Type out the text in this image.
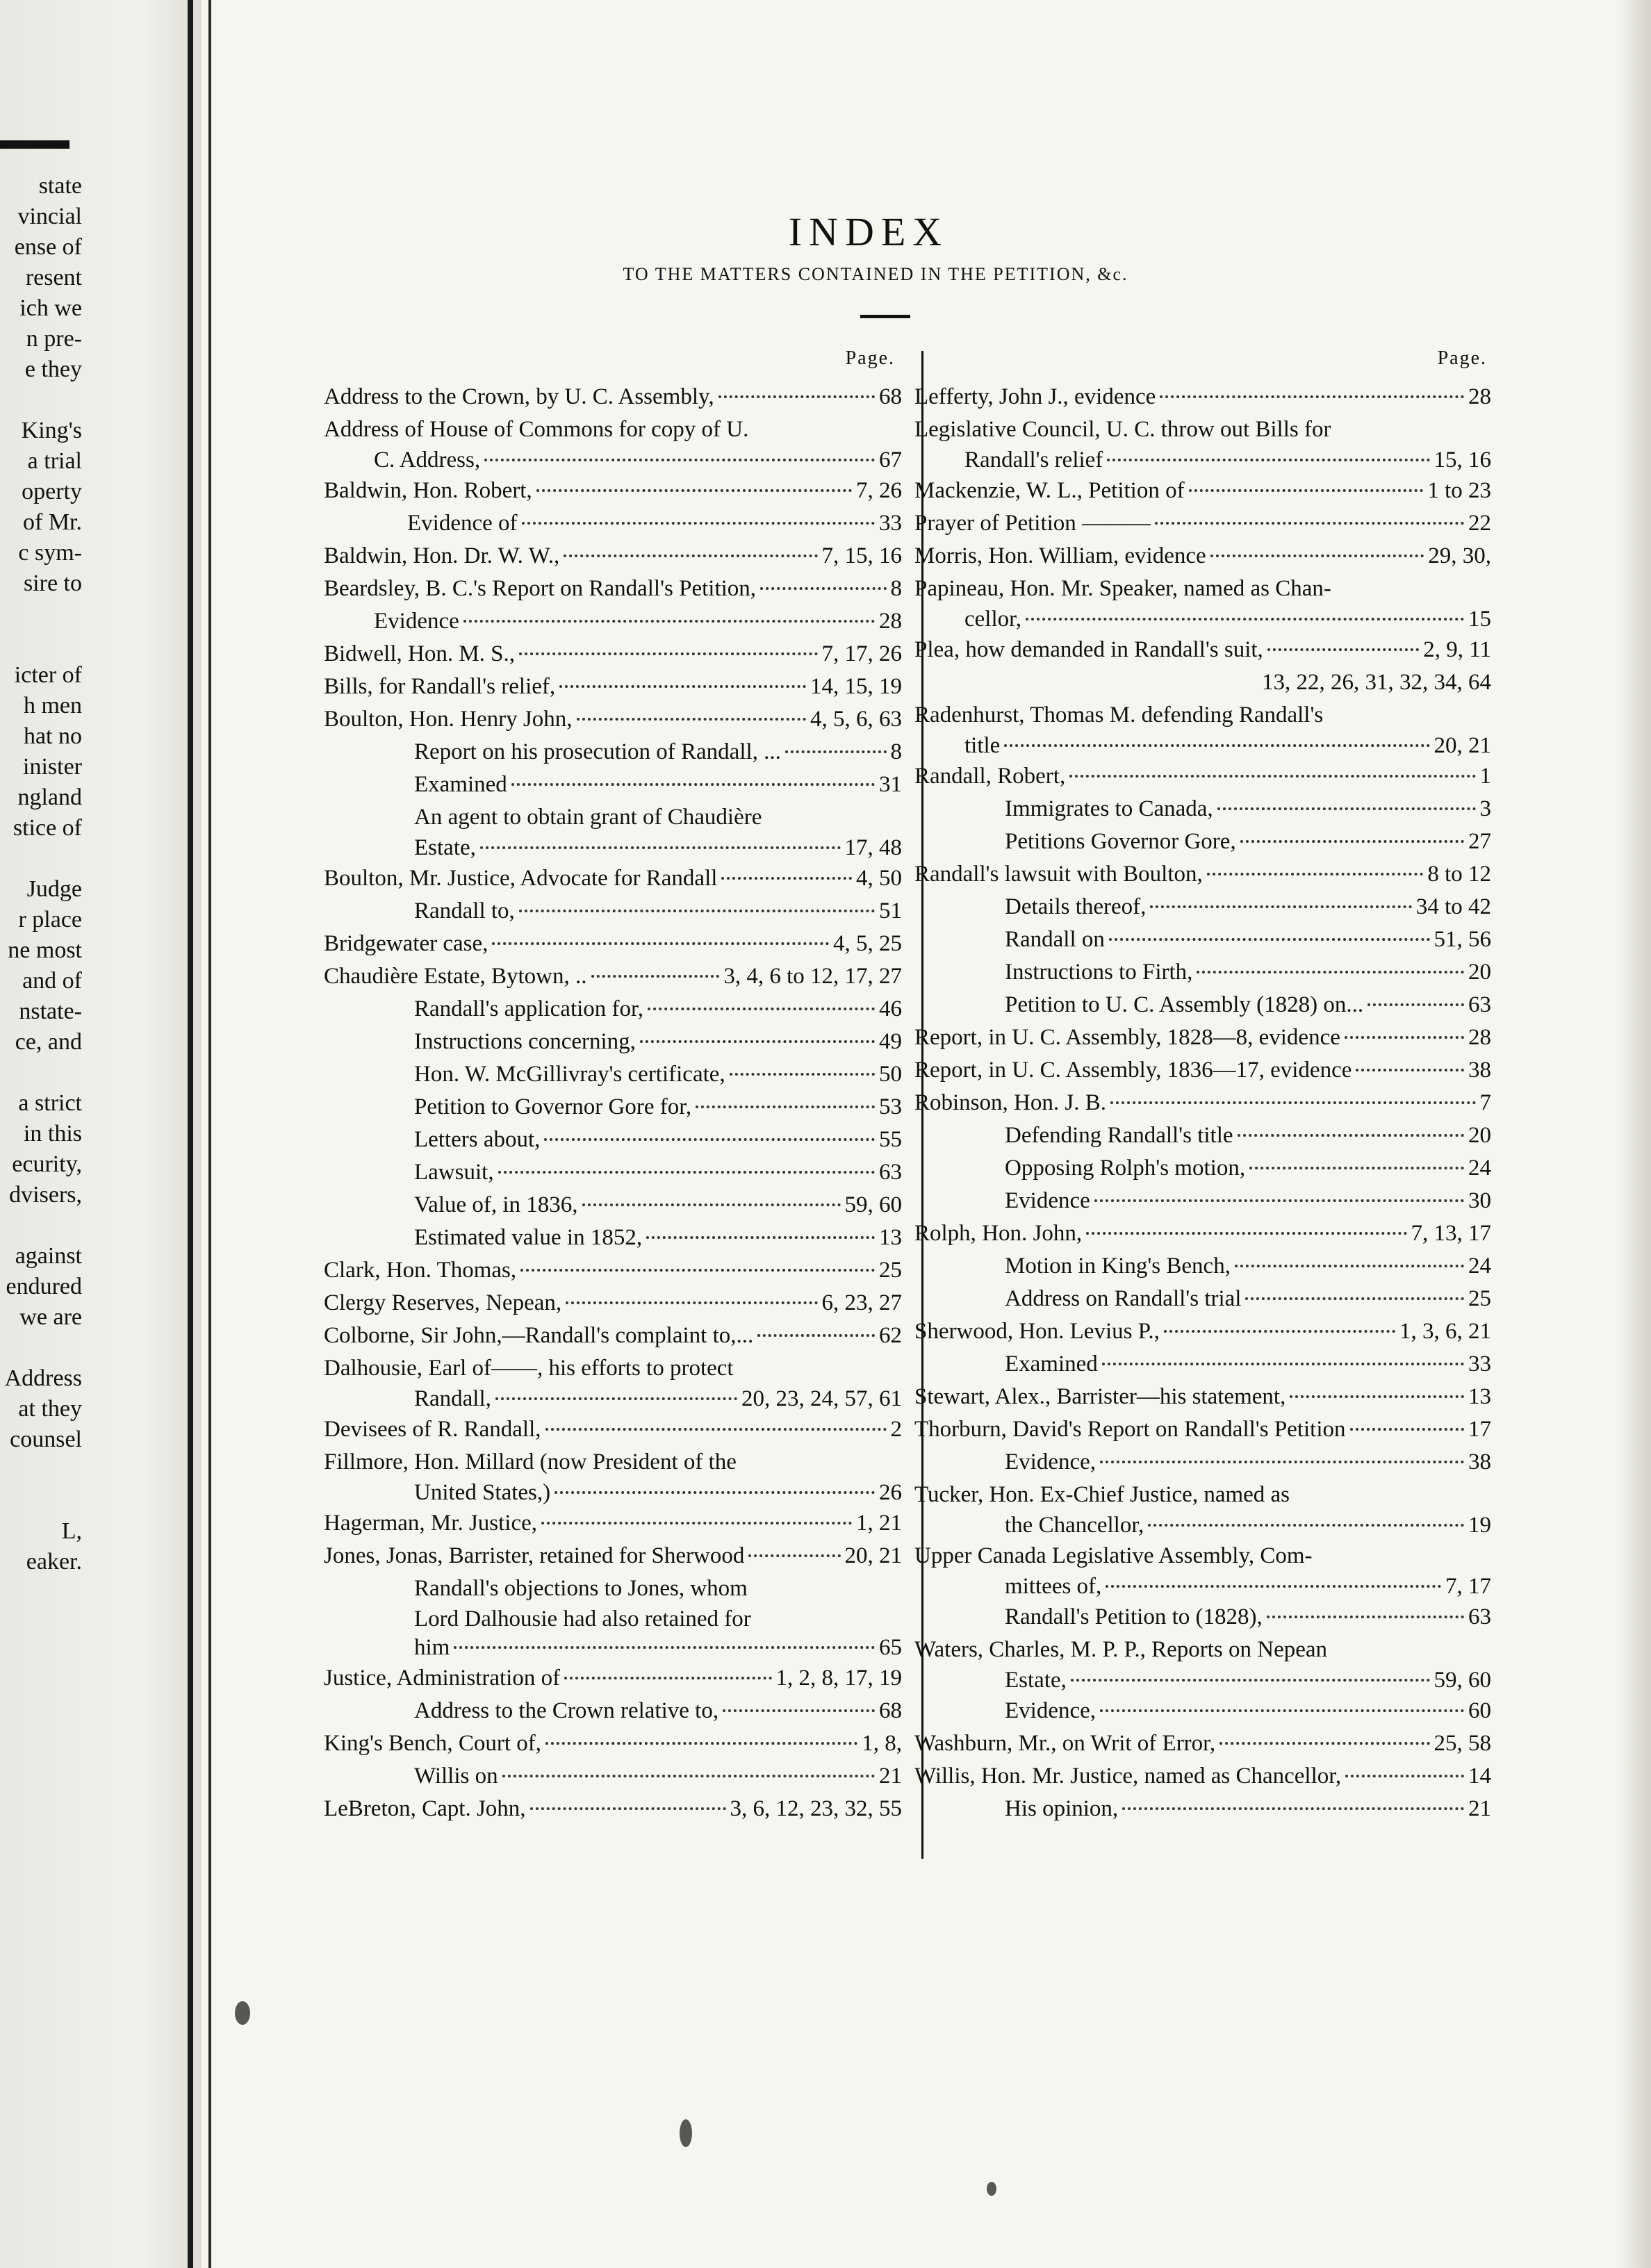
state
vincial
ense of
resent
ich we
n pre-
e they
King's
a trial
operty
of Mr.
c sym-
sire to
icter of
h men
hat no
inister
ngland
stice of
Judge
r place
ne most
and of
nstate-
ce, and
a strict
in this
ecurity,
dvisers,
against
endured
we are
Address
at they
counsel
L,
eaker.
INDEX
TO THE MATTERS CONTAINED IN THE PETITION, &c.
Page.
Address to the Crown, by U. C. Assembly,	68
Address of House of Commons for copy of U.
C. Address,	67
Baldwin, Hon. Robert,	7, 26
Evidence of	33
Baldwin, Hon. Dr. W. W.,	7, 15, 16
Beardsley, B. C.'s Report on Randall's Petition,	8
Evidence	28
Bidwell, Hon. M. S.,	7, 17, 26
Bills, for Randall's relief,	14, 15, 19
Boulton, Hon. Henry John,	4, 5, 6, 63
Report on his prosecution of Randall, ...	8
Examined	31
An agent to obtain grant of Chaudière
Estate,	17, 48
Boulton, Mr. Justice, Advocate for Randall	4, 50
Randall to,	51
Bridgewater case,	4, 5, 25
Chaudière Estate, Bytown, ..	3, 4, 6 to 12, 17, 27
Randall's application for,	46
Instructions concerning,	49
Hon. W. McGillivray's certificate,	50
Petition to Governor Gore for,	53
Letters about,	55
Lawsuit,	63
Value of, in 1836,	59, 60
Estimated value in 1852,	13
Clark, Hon. Thomas,	25
Clergy Reserves, Nepean,	6, 23, 27
Colborne, Sir John,—Randall's complaint to,...	62
Dalhousie, Earl of——, his efforts to protect
Randall,	20, 23, 24, 57, 61
Devisees of R. Randall,	2
Fillmore, Hon. Millard (now President of the
United States,)	26
Hagerman, Mr. Justice,	1, 21
Jones, Jonas, Barrister, retained for Sherwood	20, 21
Randall's objections to Jones, whom
Lord Dalhousie had also retained for
him	65
Justice, Administration of	1, 2, 8, 17, 19
Address to the Crown relative to,	68
King's Bench, Court of,	1, 8,
Willis on	21
LeBreton, Capt. John,	3, 6, 12, 23, 32, 55
Page.
Lefferty, John J., evidence	28
Legislative Council, U. C. throw out Bills for
Randall's relief	15, 16
Mackenzie, W. L., Petition of	1 to 23
Prayer of Petition ———	22
Morris, Hon. William, evidence	29, 30,
Papineau, Hon. Mr. Speaker, named as Chan-
cellor,	15
Plea, how demanded in Randall's suit,	2, 9, 11
13, 22, 26, 31, 32, 34, 64
Radenhurst, Thomas M. defending Randall's
title	20, 21
Randall, Robert,	1
Immigrates to Canada,	3
Petitions Governor Gore,	27
Randall's lawsuit with Boulton,	8 to 12
Details thereof,	34 to 42
Randall on	51, 56
Instructions to Firth,	20
Petition to U. C. Assembly (1828) on...	63
Report, in U. C. Assembly, 1828—8, evidence	28
Report, in U. C. Assembly, 1836—17, evidence	38
Robinson, Hon. J. B.	7
Defending Randall's title	20
Opposing Rolph's motion,	24
Evidence	30
Rolph, Hon. John,	7, 13, 17
Motion in King's Bench,	24
Address on Randall's trial	25
Sherwood, Hon. Levius P.,	1, 3, 6, 21
Examined	33
Stewart, Alex., Barrister—his statement,	13
Thorburn, David's Report on Randall's Petition	17
Evidence,	38
Tucker, Hon. Ex-Chief Justice, named as
the Chancellor,	19
Upper Canada Legislative Assembly, Com-
mittees of,	7, 17
Randall's Petition to (1828),	63
Waters, Charles, M. P. P., Reports on Nepean
Estate,	59, 60
Evidence,	60
Washburn, Mr., on Writ of Error,	25, 58
Willis, Hon. Mr. Justice, named as Chancellor,	14
His opinion,	21
